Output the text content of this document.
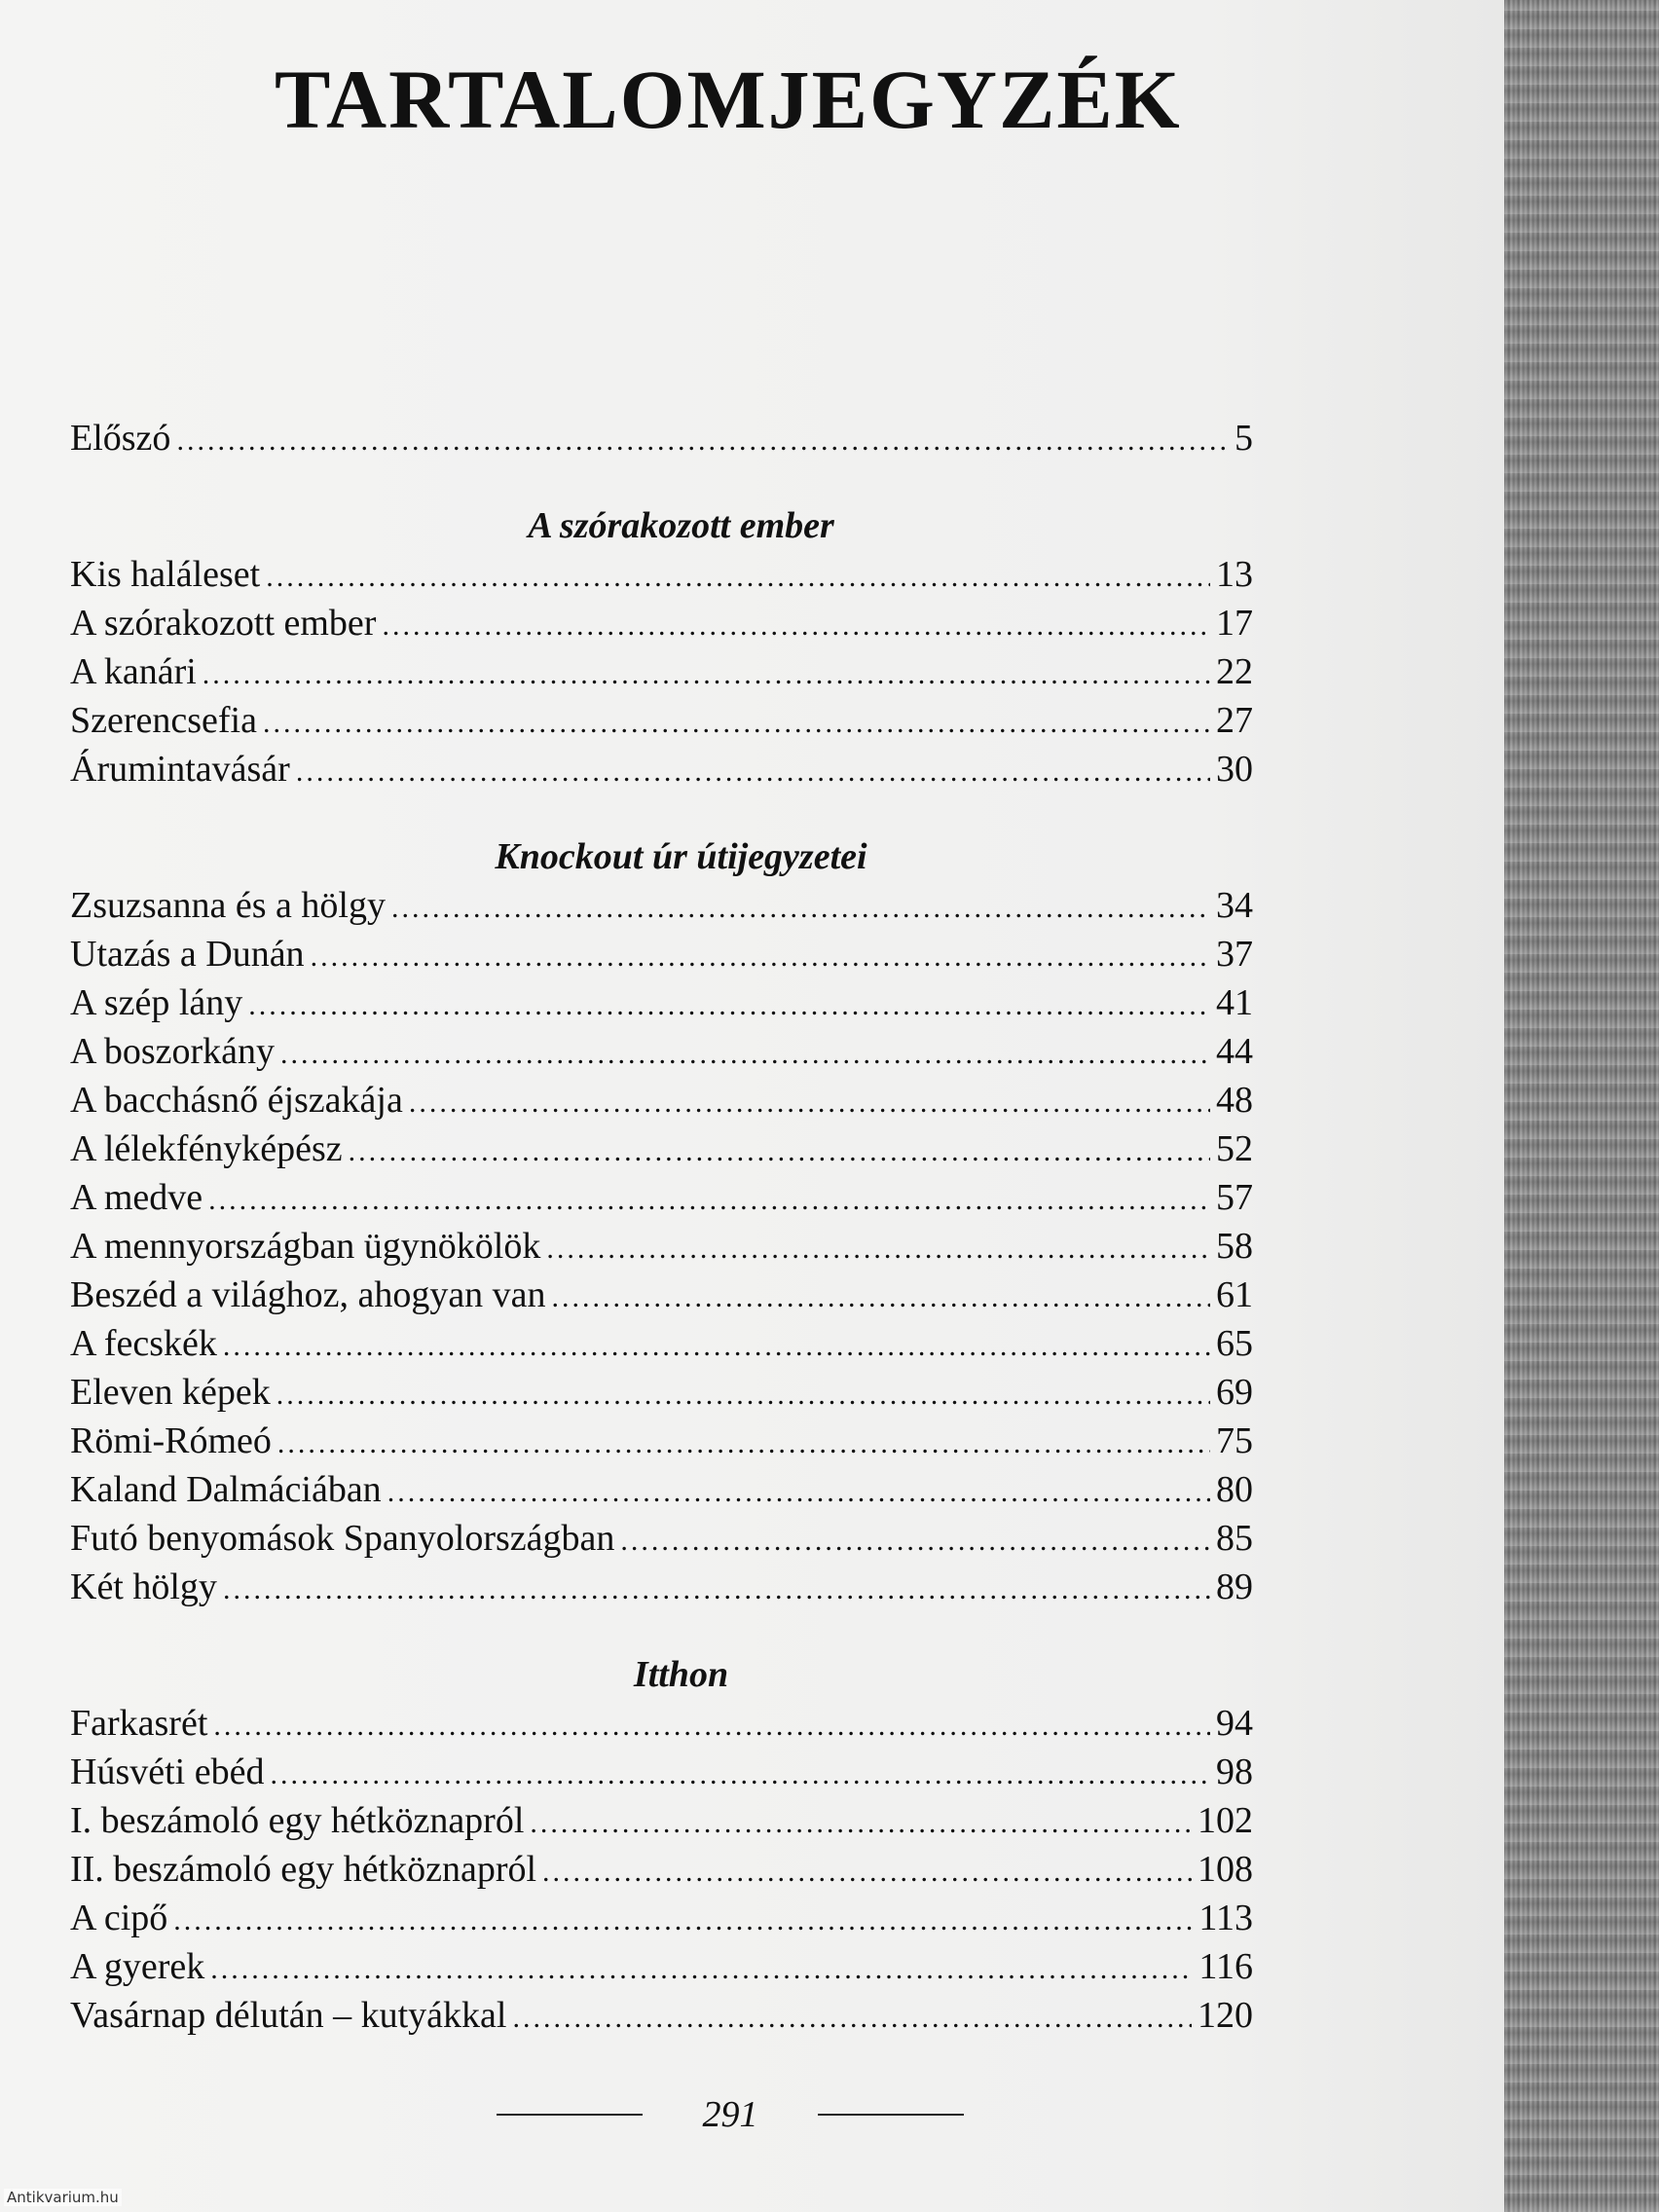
TARTALOMJEGYZÉK
Előszó .....	5
A szórakozott ember
Kis haláleset .....	13
A szórakozott ember .....	17
A kanári .....	22
Szerencsefia .....	27
Árumintavásár .....	30
Knockout úr útijegyzetei
Zsuzsanna és a hölgy .....	34
Utazás a Dunán .....	37
A szép lány .....	41
A boszorkány .....	44
A bacchásnő éjszakája .....	48
A lélekfényképész .....	52
A medve .....	57
A mennyországban ügynökölök .....	58
Beszéd a világhoz, ahogyan van .....	61
A fecskék .....	65
Eleven képek .....	69
Römi-Rómeó .....	75
Kaland Dalmáciában .....	80
Futó benyomások Spanyolországban .....	85
Két hölgy .....	89
Itthon
Farkasrét .....	94
Húsvéti ebéd .....	98
I. beszámoló egy hétköznapról .....	102
II. beszámoló egy hétköznapról .....	108
A cipő .....	113
A gyerek .....	116
Vasárnap délután – kutyákkal .....	120
291
Antikvarium.hu
